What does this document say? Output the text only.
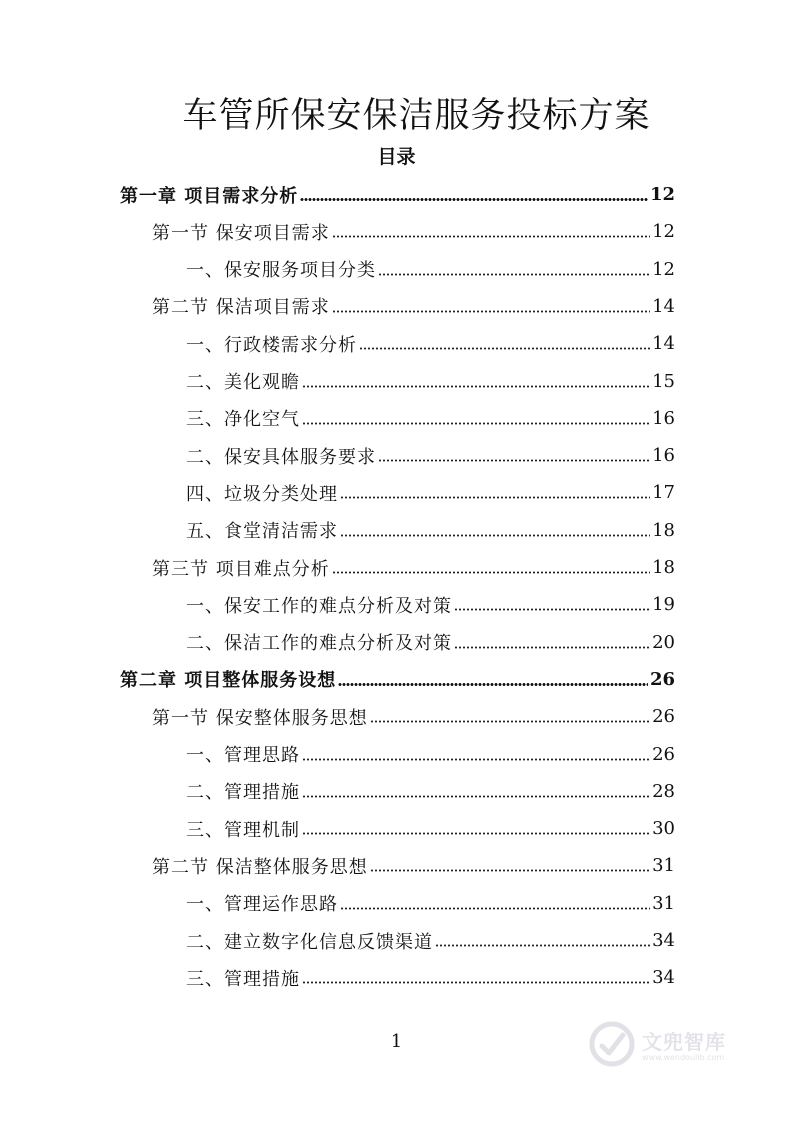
车管所保安保洁服务投标方案
目录
第一章 项目需求分析	12
第一节 保安项目需求	12
一、保安服务项目分类	12
第二节 保洁项目需求	14
一、行政楼需求分析	14
二、美化观瞻	15
三、净化空气	16
二、保安具体服务要求	16
四、垃圾分类处理	17
五、食堂清洁需求	18
第三节 项目难点分析	18
一、保安工作的难点分析及对策	19
二、保洁工作的难点分析及对策	20
第二章 项目整体服务设想	26
第一节 保安整体服务思想	26
一、管理思路	26
二、管理措施	28
三、管理机制	30
第二节 保洁整体服务思想	31
一、管理运作思路	31
二、建立数字化信息反馈渠道	34
三、管理措施	34
1	文兜智库
www.wendoulib.com
